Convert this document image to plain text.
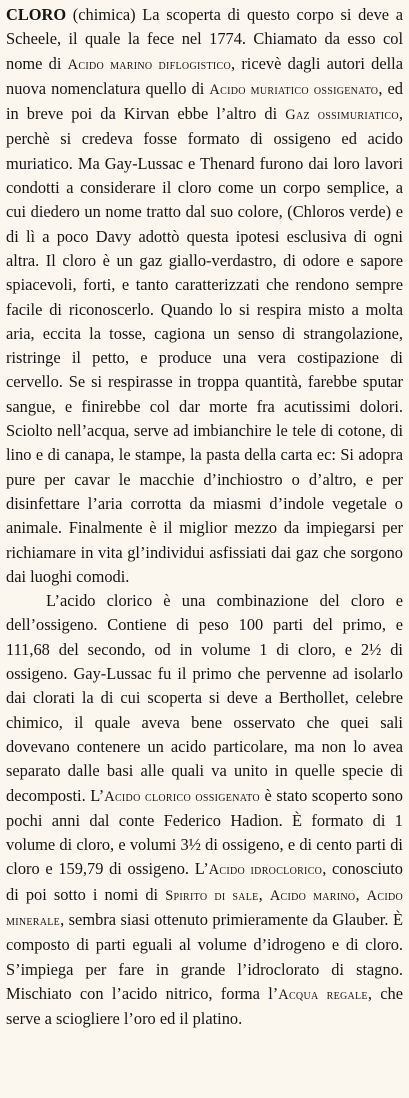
CLORO (chimica) La scoperta di questo corpo si deve a Scheele, il quale la fece nel 1774. Chiamato da esso col nome di Acido marino diflogistico, ricevè dagli autori della nuova nomenclatura quello di Acido muriatico ossigenato, ed in breve poi da Kirvan ebbe l’altro di Gaz ossimuriatico, perchè si credeva fosse formato di ossigeno ed acido muriatico. Ma Gay-Lussac e Thenard furono dai loro lavori condotti a considerare il cloro come un corpo semplice, a cui diedero un nome tratto dal suo colore, (Chloros verde) e di lì a poco Davy adottò questa ipotesi esclusiva di ogni altra. Il cloro è un gaz giallo-verdastro, di odore e sapore spiacevoli, forti, e tanto caratterizzati che rendono sempre facile di riconoscerlo. Quando lo si respira misto a molta aria, eccita la tosse, cagiona un senso di strangolazione, ristringe il petto, e produce una vera costipazione di cervello. Se si respirasse in troppa quantità, farebbe sputar sangue, e finirebbe col dar morte fra acutissimi dolori. Sciolto nell’acqua, serve ad imbianchire le tele di cotone, di lino e di canapa, le stampe, la pasta della carta ec: Si adopra pure per cavar le macchie d’inchiostro o d’altro, e per disinfettare l’aria corrotta da miasmi d’indole vegetale o animale. Finalmente è il miglior mezzo da impiegarsi per richiamare in vita gl’individui asfissiati dai gaz che sorgono dai luoghi comodi.

L’acido clorico è una combinazione del cloro e dell’ossigeno. Contiene di peso 100 parti del primo, e 111,68 del secondo, od in volume 1 di cloro, e 2½ di ossigeno. Gay-Lussac fu il primo che pervenne ad isolarlo dai clorati la di cui scoperta si deve a Berthollet, celebre chimico, il quale aveva bene osservato che quei sali dovevano contenere un acido particolare, ma non lo avea separato dalle basi alle quali va unito in quelle specie di decomposti. L’Acido clorico ossigenato è stato scoperto sono pochi anni dal conte Federico Hadion. È formato di 1 volume di cloro, e volumi 3½ di ossigeno, e di cento parti di cloro e 159,79 di ossigeno. L’Acido idroclorico, conosciuto di poi sotto i nomi di Spirito di sale, Acido marino, Acido minerale, sembra siasi ottenuto primieramente da Glauber. È composto di parti eguali al volume d’idrogeno e di cloro. S’impiega per fare in grande l’idroclorato di stagno. Mischiato con l’acido nitrico, forma l’Acqua regale, che serve a sciogliere l’oro ed il platino.
